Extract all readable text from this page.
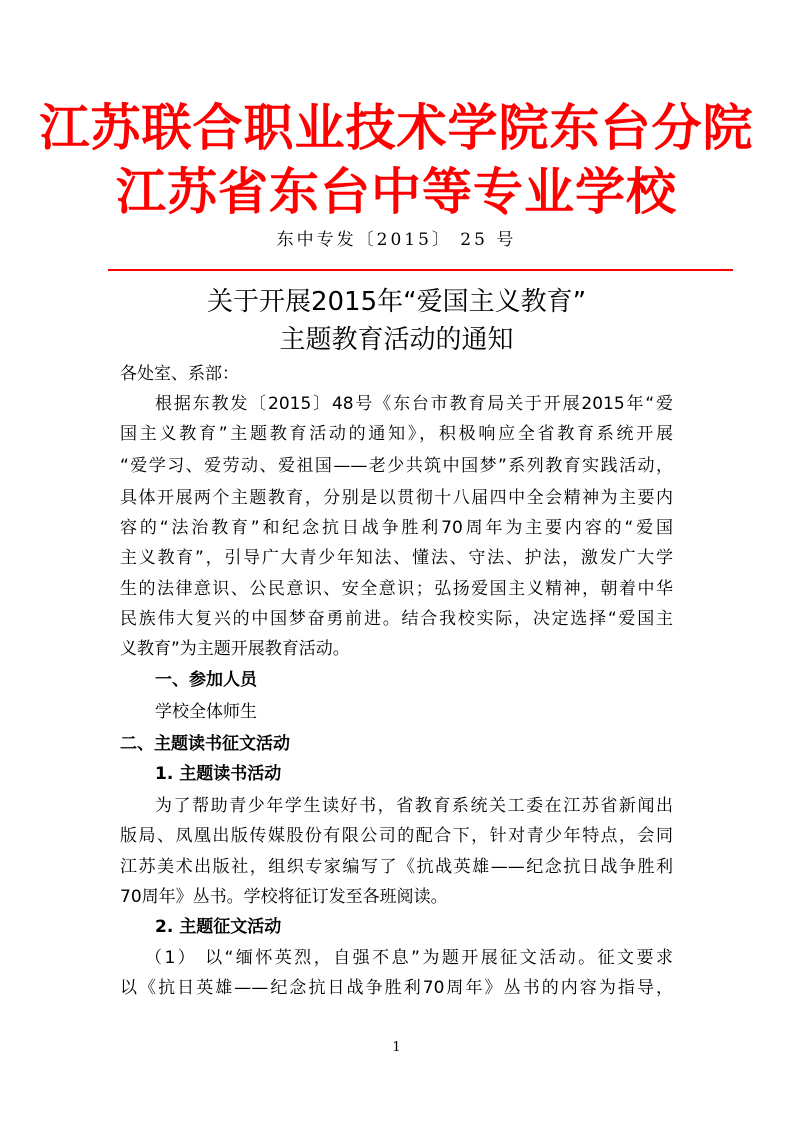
江苏联合职业技术学院东台分院
江苏省东台中等专业学校
东中专发〔2015〕 25 号
关于开展2015年“爱国主义教育”
主题教育活动的通知
各处室、系部：
根据东教发〔2015〕48号《东台市教育局关于开展2015年“爱
国主义教育”主题教育活动的通知》，积极响应全省教育系统开展
“爱学习、爱劳动、爱祖国——老少共筑中国梦”系列教育实践活动，
具体开展两个主题教育，分别是以贯彻十八届四中全会精神为主要内
容的“法治教育”和纪念抗日战争胜利70周年为主要内容的“爱国
主义教育”，引导广大青少年知法、懂法、守法、护法，激发广大学
生的法律意识、公民意识、安全意识；弘扬爱国主义精神，朝着中华
民族伟大复兴的中国梦奋勇前进。结合我校实际，决定选择“爱国主
义教育”为主题开展教育活动。
一、参加人员
学校全体师生
二、主题读书征文活动
1. 主题读书活动
为了帮助青少年学生读好书，省教育系统关工委在江苏省新闻出
版局、凤凰出版传媒股份有限公司的配合下，针对青少年特点，会同
江苏美术出版社，组织专家编写了《抗战英雄——纪念抗日战争胜利
70周年》丛书。学校将征订发至各班阅读。
2. 主题征文活动
（1） 以“缅怀英烈，自强不息”为题开展征文活动。征文要求
以《抗日英雄——纪念抗日战争胜利70周年》丛书的内容为指导，
1
